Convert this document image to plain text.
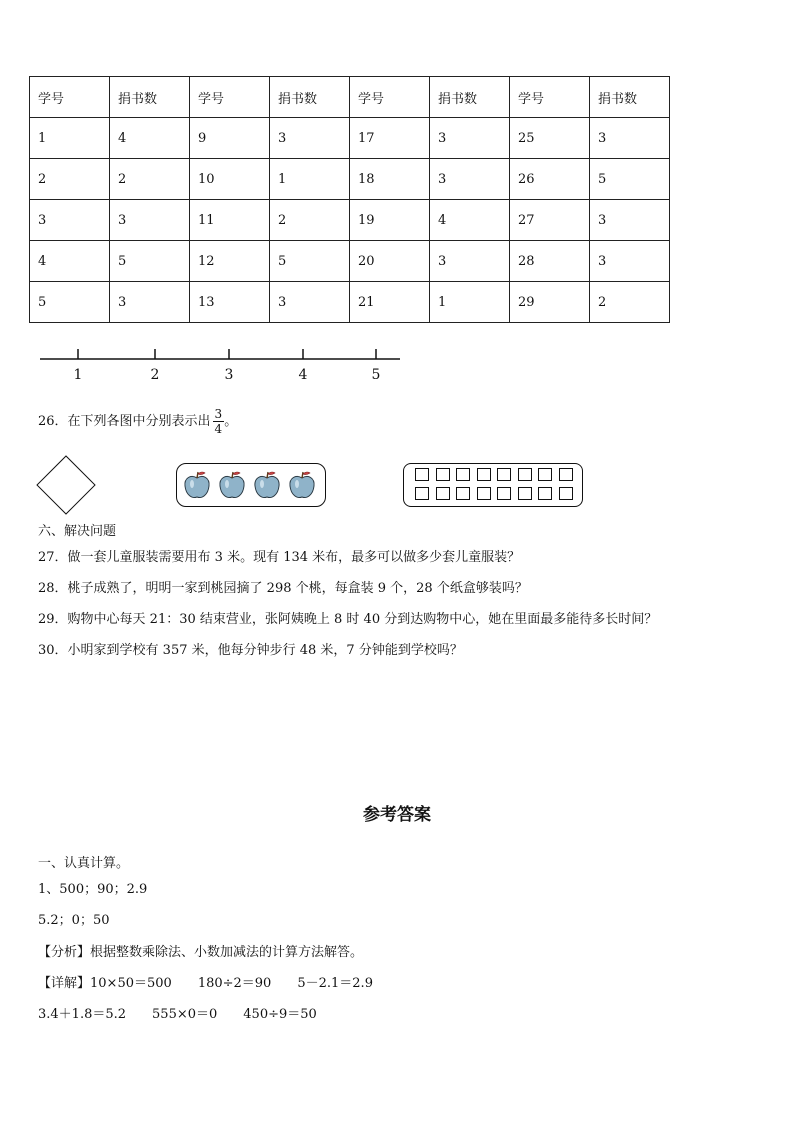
学号	捐书数	学号	捐书数	学号	捐书数	学号	捐书数
1	4	9	3	17	3	25	3
2	2	10	1	18	3	26	5
3	3	11	2	19	4	27	3
4	5	12	5	20	3	28	3
5	3	13	3	21	1	29	2
1	2	3	4	5
26．在下列各图中分别表示出 $\frac{3}{4}$ 。
六、解决问题
27．做一套儿童服装需要用布 3 米。现有 134 米布，最多可以做多少套儿童服装？
28．桃子成熟了，明明一家到桃园摘了 298 个桃，每盒装 9 个，28 个纸盒够装吗？
29．购物中心每天 21：30 结束营业，张阿姨晚上 8 时 40 分到达购物中心，她在里面最多能待多长时间？
30．小明家到学校有 357 米，他每分钟步行 48 米，7 分钟能到学校吗？
参考答案
一、认真计算。
1、500；90；2.9
5.2；0；50
【分析】根据整数乘除法、小数加减法的计算方法解答。
【详解】10×50＝500 180÷2＝90 5－2.1＝2.9
3.4＋1.8＝5.2 555×0＝0 450÷9＝50
